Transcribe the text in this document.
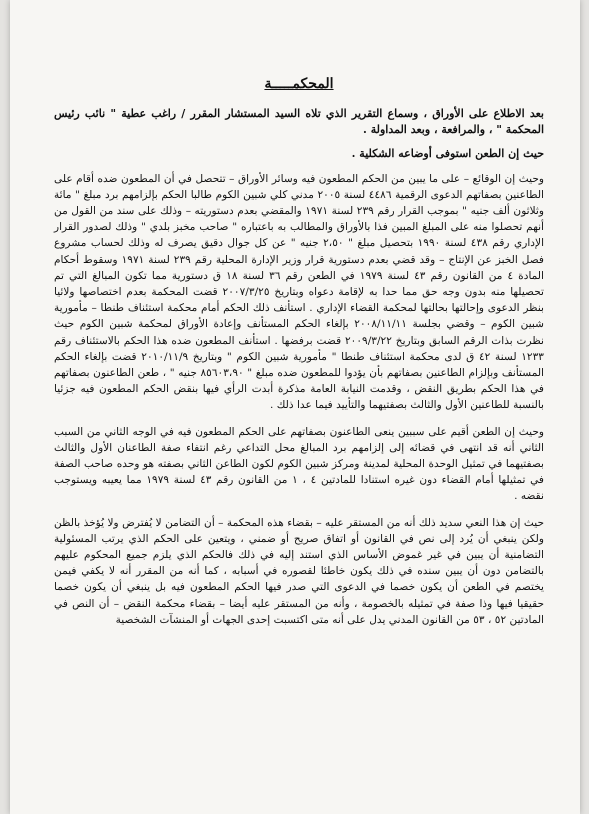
المحكمـــــة

بعد الاطلاع على الأوراق ، وسماع التقرير الذي تلاه السيد المستشار المقرر / راغب عطية " نائب رئيس المحكمة " ، والمرافعة ، وبعد المداولة .

حيث إن الطعن استوفى أوضاعه الشكلية .

وحيث إن الوقائع – على ما يبين من الحكم المطعون فيه وسائر الأوراق – تتحصل في أن المطعون ضده أقام على الطاعنين بصفاتهم الدعوى الرقمية ٤٤٨٦ لسنة ٢٠٠٥ مدني كلي شبين الكوم طالبا الحكم بإلزامهم برد مبلغ " مائة وثلاثون ألف جنيه " بموجب القرار رقم ٢٣٩ لسنة ١٩٧١ والمقضي بعدم دستوريته – وذلك على سند من القول من أنهم تحصلوا منه على المبلغ المبين فذا بالأوراق والمطالب به باعتباره " صاحب مخبز بلدي " وذلك لصدور القرار الإداري رقم ٤٣٨ لسنة ١٩٩٠ بتحصيل مبلغ " ٢،٥٠ جنيه " عن كل جوال دقيق يصرف له وذلك لحساب مشروع فصل الخبز عن الإنتاج – وقد قضي بعدم دستورية قرار وزير الإدارة المحلية رقم ٢٣٩ لسنة ١٩٧١ وسقوط أحكام المادة ٤ من القانون رقم ٤٣ لسنة ١٩٧٩ في الطعن رقم ٣٦ لسنة ١٨ ق دستورية مما تكون المبالغ التي تم تحصيلها منه بدون وجه حق مما حدا به لإقامة دعواه وبتاريخ ٢٠٠٧/٣/٢٥ قضت المحكمة بعدم اختصاصها ولائيا بنظر الدعوى وإحالتها بحالتها لمحكمة القضاء الإداري . استأنف ذلك الحكم أمام محكمة استئناف طنطا – مأمورية شبين الكوم – وقضي بجلسة ٢٠٠٨/١١/١١ بإلغاء الحكم المستأنف وإعادة الأوراق لمحكمة شبين الكوم حيث نظرت بذات الرقم السابق وبتاريخ ٢٠٠٩/٣/٢٢ قضت برفضها . استأنف المطعون ضده هذا الحكم بالاستئناف رقم ١٢٣٣ لسنة ٤٢ ق لدى محكمة استئناف طنطا " مأمورية شبين الكوم " وبتاريخ ٢٠١٠/١١/٩ قضت بإلغاء الحكم المستأنف وبإلزام الطاعنين بصفاتهم بأن يؤدوا للمطعون ضده مبلغ " ٨٥٦٠٣،٩٠ جنيه " ، طعن الطاعنون بصفاتهم في هذا الحكم بطريق النقض ، وقدمت النيابة العامة مذكرة أبدت الرأي فيها بنقض الحكم المطعون فيه جزئيا بالنسبة للطاعنين الأول والثالث بصفتيهما والتأييد فيما عدا ذلك .

وحيث إن الطعن أقيم على سببين ينعى الطاعنون بصفاتهم على الحكم المطعون فيه في الوجه الثاني من السبب الثاني أنه قد انتهى في قضائه إلى إلزامهم برد المبالغ محل التداعي رغم انتفاء صفة الطاعنان الأول والثالث بصفتيهما في تمثيل الوحدة المحلية لمدينة ومركز شبين الكوم لكون الطاعن الثاني بصفته هو وحده صاحب الصفة في تمثيلها أمام القضاء دون غيره استنادا للمادتين ٤ ، ١ من القانون رقم ٤٣ لسنة ١٩٧٩ مما يعيبه ويستوجب نقضه .

حيث إن هذا النعي سديد ذلك أنه من المستقر عليه – بقضاء هذه المحكمة – أن التضامن لا يُفترض ولا يُؤخذ بالظن ولكن ينبغي أن يُرد إلى نص في القانون أو اتفاق صريح أو ضمني ، ويتعين على الحكم الذي يرتب المسئولية التضامنية أن يبين في غير غموض الأساس الذي استند إليه في ذلك فالحكم الذي يلزم جميع المحكوم عليهم بالتضامن دون أن يبين سنده في ذلك يكون خاطئا لقصوره في أسبابه ، كما أنه من المقرر أنه لا يكفي فيمن يختصم في الطعن أن يكون خصما في الدعوى التي صدر فيها الحكم المطعون فيه بل ينبغي أن يكون خصما حقيقيا فيها وذا صفة في تمثيله بالخصومة ، وأنه من المستقر عليه أيضا – بقضاء محكمة النقض – أن النص في المادتين ٥٢ ، ٥٣ من القانون المدني يدل على أنه متى اكتسبت إحدى الجهات أو المنشآت الشخصية
